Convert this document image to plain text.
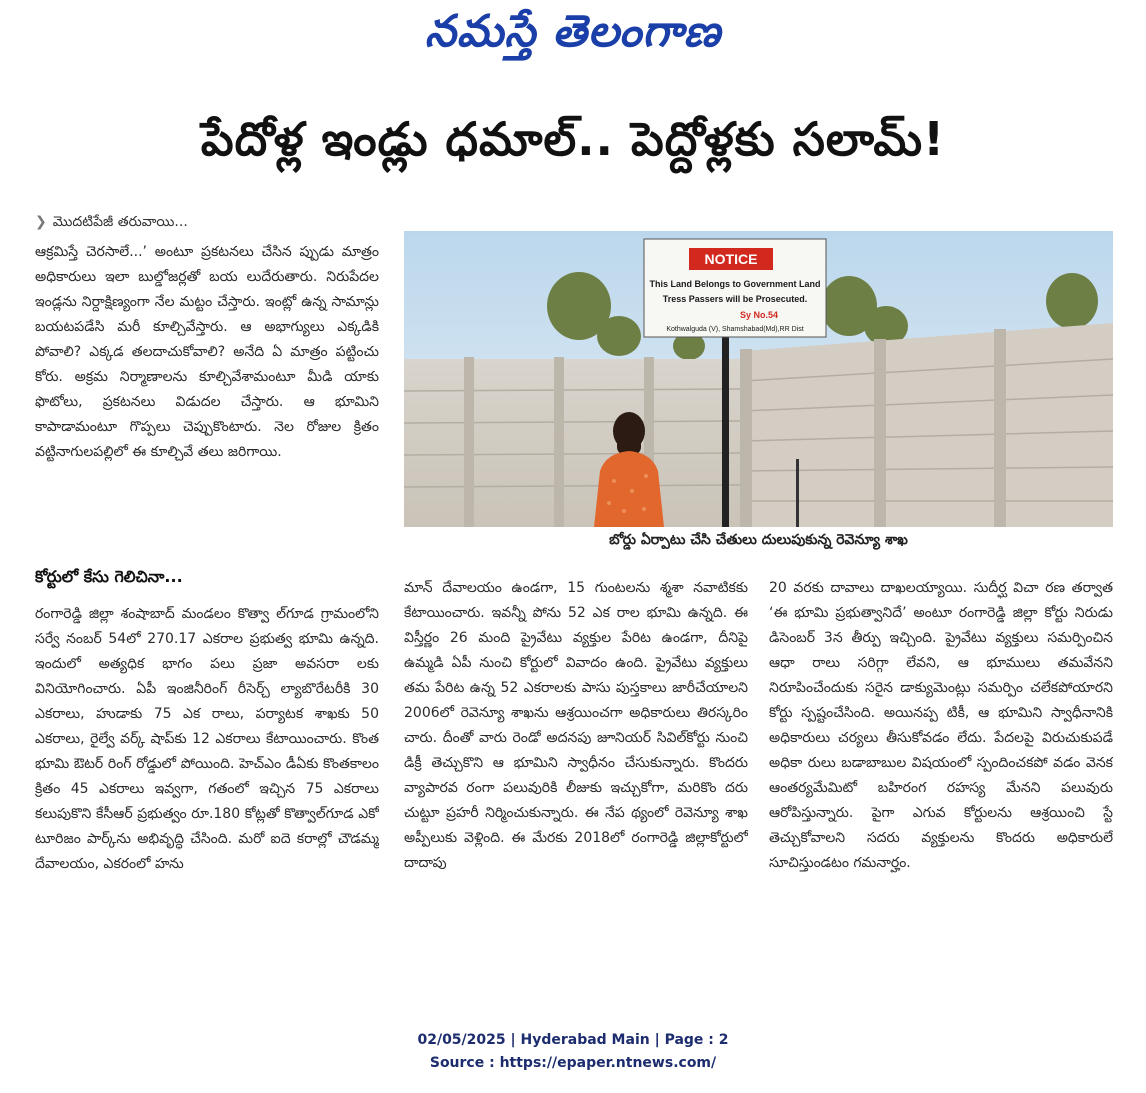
నమస్తే తెలంగాణ
పేదోళ్ల ఇండ్లు ధమాల్.. పెద్దోళ్లకు సలామ్!
❯ మొదటిపేజీ తరువాయి...
ఆక్రమిస్తే చెరసాలే...’ అంటూ ప్రకటనలు చేసిన ప్పుడు మాత్రం అధికారులు ఇలా బుల్డోజర్లతో బయ లుదేరుతారు. నిరుపేదల ఇండ్లను నిర్దాక్షిణ్యంగా నేల మట్టం చేస్తారు. ఇంట్లో ఉన్న సామాన్లు బయటపడేసి మరీ కూల్చివేస్తారు. ఆ అభాగ్యులు ఎక్కడికి పోవాలి? ఎక్కడ తలదాచుకోవాలి? అనేది ఏ మాత్రం పట్టించు కోరు. అక్రమ నిర్మాణాలను కూల్చివేశామంటూ మీడి యాకు ఫొటోలు, ప్రకటనలు విడుదల చేస్తారు. ఆ భూమిని కాపాడామంటూ గొప్పలు చెప్పుకొంటారు. నెల రోజుల క్రితం వట్టినాగులపల్లిలో ఈ కూల్చివే తలు జరిగాయి.
కోర్టులో కేసు గెలిచినా...
రంగారెడ్డి జిల్లా శంషాబాద్‌ మండలం కొత్వా ల్‌గూడ గ్రామంలోని సర్వే నంబర్‌ 54లో 270.17 ఎకరాల ప్రభుత్వ భూమి ఉన్నది. ఇందులో అత్యధిక భాగం పలు ప్రజా అవసరా లకు వినియోగించారు. ఏపీ ఇంజినీరింగ్‌ రీసెర్చ్‌ ల్యాబొరేటరీకి 30 ఎకరాలు, హుడాకు 75 ఎక రాలు, పర్యాటక శాఖకు 50 ఎకరాలు, రైల్వే వర్క్‌ షాప్‌కు 12 ఎకరాలు కేటాయించారు. కొంత భూమి ఔటర్‌ రింగ్‌ రోడ్డులో పోయింది. హెచ్‌ఎం డీఏకు కొంతకాలం క్రితం 45 ఎకరాలు ఇవ్వగా, గతంలో ఇచ్చిన 75 ఎకరాలు కలుపుకొని కేసీఆర్‌ ప్రభుత్వం రూ.180 కోట్లతో కొత్వాల్‌గూడ ఎకో టూరిజం పార్క్‌ను అభివృద్ధి చేసింది. మరో ఐదె కరాల్లో చౌడమ్మ దేవాలయం, ఎకరంలో హను
మాన్‌ దేవాలయం ఉండగా, 15 గుంటలను శ్మశా నవాటికకు కేటాయించారు. ఇవన్నీ పోను 52 ఎక రాల భూమి ఉన్నది. ఈ విస్తీర్ణం 26 మంది ప్రైవేటు వ్యక్తుల పేరిట ఉండగా, దీనిపై ఉమ్మడి ఏపీ నుంచి కోర్టులో వివాదం ఉంది. ప్రైవేటు వ్యక్తులు తమ పేరిట ఉన్న 52 ఎకరాలకు పాసు పుస్తకాలు జారీచేయాలని 2006లో రెవెన్యూ శాఖను ఆశ్రయించగా అధికారులు తిరస్కరిం చారు. దీంతో వారు రెండో అదనపు జూనియర్‌ సివిల్‌కోర్టు నుంచి డిక్రీ తెచ్చుకొని ఆ భూమిని స్వాధీనం చేసుకున్నారు. కొందరు వ్యాపారవ రంగా పలువురికి లీజుకు ఇచ్చుకోగా, మరికొం దరు చుట్టూ ప్రహరీ నిర్మించుకున్నారు. ఈ నేప థ్యంలో రెవెన్యూ శాఖ అప్పీలుకు వెళ్లింది. ఈ మేరకు 2018లో రంగారెడ్డి జిల్లాకోర్టులో దాదాపు
20 వరకు దావాలు దాఖలయ్యాయి. సుదీర్ఘ విచా రణ తర్వాత ‘ఈ భూమి ప్రభుత్వానిదే’ అంటూ రంగారెడ్డి జిల్లా కోర్టు నిరుడు డిసెంబర్‌ 3న తీర్పు ఇచ్చింది. ప్రైవేటు వ్యక్తులు సమర్పించిన ఆధా రాలు సరిగ్గా లేవని, ఆ భూములు తమవేనని నిరూపించేందుకు సరైన డాక్యుమెంట్లు సమర్పిం చలేకపోయారని కోర్టు స్పష్టంచేసింది. అయినప్ప టికీ, ఆ భూమిని స్వాధీనానికి అధికారులు చర్యలు తీసుకోవడం లేదు. పేదలపై విరుచుకుపడే అధికా రులు బడాబాబుల విషయంలో స్పందించకపో వడం వెనక ఆంతర్యమేమిటో బహిరంగ రహస్య మేనని పలువురు ఆరోపిస్తున్నారు. పైగా ఎగువ కోర్టులను ఆశ్రయించి స్టే తెచ్చుకోవాలని సదరు వ్యక్తులను కొందరు అధికారులే సూచిస్తుండటం గమనార్హం.
NOTICE
This Land Belongs to Government Land
Tress Passers will be Prosecuted.
Sy No.54
Kothwalguda (V), Shamshabad(Md),RR Dist
బోర్డు ఏర్పాటు చేసి చేతులు దులుపుకున్న రెవెన్యూ శాఖ
02/05/2025 | Hyderabad Main | Page : 2
Source : https://epaper.ntnews.com/
